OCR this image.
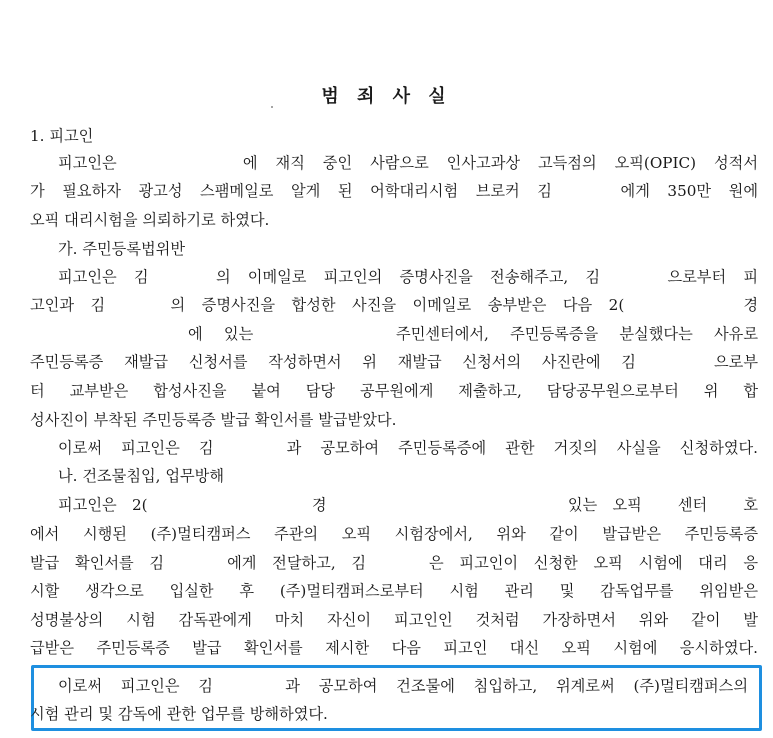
범 죄 사 실
1. 피고인
피고인은　　　　에 재직 중인 사람으로 인사고과상 고득점의 오픽(OPIC) 성적서
가 필요하자 광고성 스팸메일로 알게 된 어학대리시험 브로커 김　　에게 350만 원에
오픽 대리시험을 의뢰하기로 하였다.
가. 주민등록법위반
피고인은 김　　의 이메일로 피고인의 증명사진을 전송해주고, 김　　으로부터 피
고인과 김　　의 증명사진을 합성한 사진을 이메일로 송부받은 다음 2(　　　　경
　　　　　에 있는　　　　주민센터에서, 주민등록증을 분실했다는 사유로
주민등록증 재발급 신청서를 작성하면서 위 재발급 신청서의 사진란에 김　　으로부
터 교부받은 합성사진을 붙여 담당 공무원에게 제출하고, 담당공무원으로부터 위 합
성사진이 부착된 주민등록증 발급 확인서를 발급받았다.
이로써 피고인은 김　　과 공모하여 주민등록증에 관한 거짓의 사실을 신청하였다.
나. 건조물침입, 업무방해
피고인은 2(　　　　　　경　　　　　　　　　있는 오픽　센터　호
에서 시행된 (주)멀티캠퍼스 주관의 오픽 시험장에서, 위와 같이 발급받은 주민등록증
발급 확인서를 김　　에게 전달하고, 김　　은 피고인이 신청한 오픽 시험에 대리 응
시할 생각으로 입실한 후 (주)멀티캠퍼스로부터 시험 관리 및 감독업무를 위임받은
성명불상의 시험 감독관에게 마치 자신이 피고인인 것처럼 가장하면서 위와 같이 발
급받은 주민등록증 발급 확인서를 제시한 다음 피고인 대신 오픽 시험에 응시하였다.
이로써 피고인은 김　　과 공모하여 건조물에 침입하고, 위계로써 (주)멀티캠퍼스의
시험 관리 및 감독에 관한 업무를 방해하였다.
